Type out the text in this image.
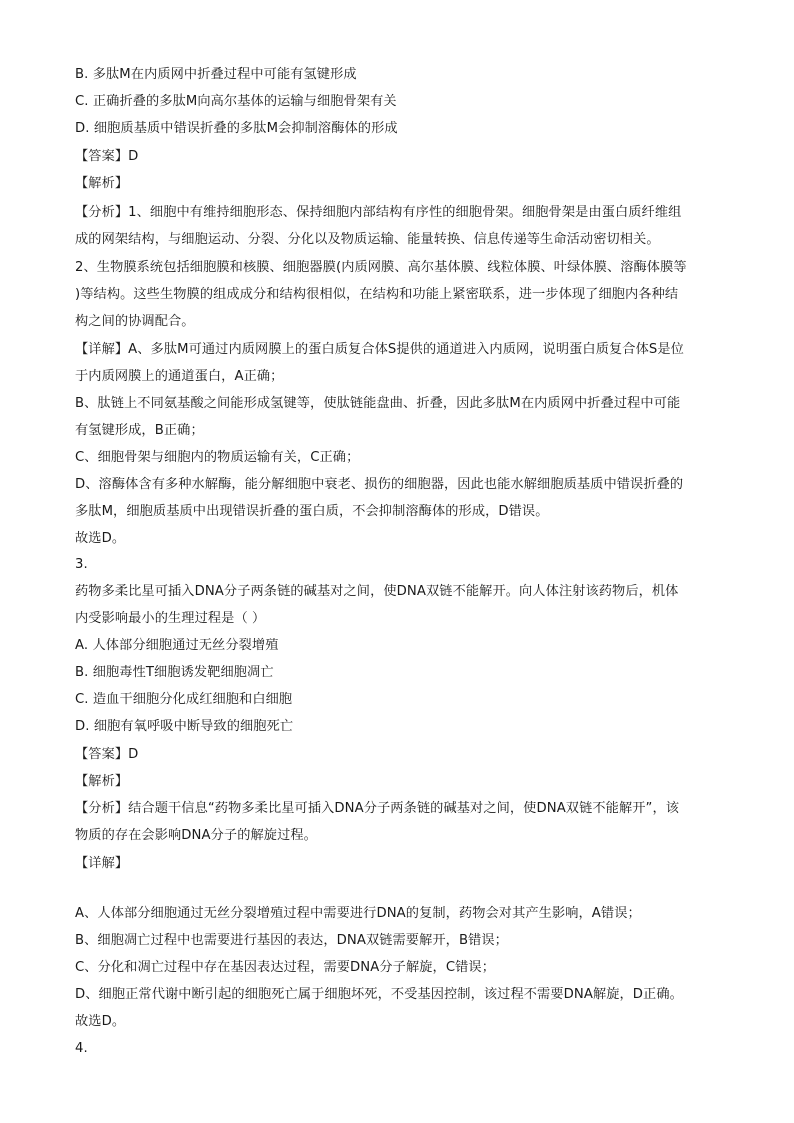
B. 多肽M在内质网中折叠过程中可能有氢键形成
C. 正确折叠的多肽M向高尔基体的运输与细胞骨架有关
D. 细胞质基质中错误折叠的多肽M会抑制溶酶体的形成
【答案】D
【解析】
【分析】1、细胞中有维持细胞形态、保持细胞内部结构有序性的细胞骨架。细胞骨架是由蛋白质纤维组
成的网架结构，与细胞运动、分裂、分化以及物质运输、能量转换、信息传递等生命活动密切相关。
2、生物膜系统包括细胞膜和核膜、细胞器膜(内质网膜、高尔基体膜、线粒体膜、叶绿体膜、溶酶体膜等
)等结构。这些生物膜的组成成分和结构很相似，在结构和功能上紧密联系，进一步体现了细胞内各种结
构之间的协调配合。
【详解】A、多肽M可通过内质网膜上的蛋白质复合体S提供的通道进入内质网，说明蛋白质复合体S是位
于内质网膜上的通道蛋白，A正确；
B、肽链上不同氨基酸之间能形成氢键等，使肽链能盘曲、折叠，因此多肽M在内质网中折叠过程中可能
有氢键形成，B正确；
C、细胞骨架与细胞内的物质运输有关，C正确；
D、溶酶体含有多种水解酶，能分解细胞中衰老、损伤的细胞器，因此也能水解细胞质基质中错误折叠的
多肽M，细胞质基质中出现错误折叠的蛋白质，不会抑制溶酶体的形成，D错误。
故选D。
3.
药物多柔比星可插入DNA分子两条链的碱基对之间，使DNA双链不能解开。向人体注射该药物后，机体
内受影响最小的生理过程是（ ）
A. 人体部分细胞通过无丝分裂增殖
B. 细胞毒性T细胞诱发靶细胞凋亡
C. 造血干细胞分化成红细胞和白细胞
D. 细胞有氧呼吸中断导致的细胞死亡
【答案】D
【解析】
【分析】结合题干信息“药物多柔比星可插入DNA分子两条链的碱基对之间，使DNA双链不能解开”，该
物质的存在会影响DNA分子的解旋过程。
【详解】
A、人体部分细胞通过无丝分裂增殖过程中需要进行DNA的复制，药物会对其产生影响，A错误；
B、细胞凋亡过程中也需要进行基因的表达，DNA双链需要解开，B错误；
C、分化和凋亡过程中存在基因表达过程，需要DNA分子解旋，C错误；
D、细胞正常代谢中断引起的细胞死亡属于细胞坏死，不受基因控制，该过程不需要DNA解旋，D正确。
故选D。
4.
